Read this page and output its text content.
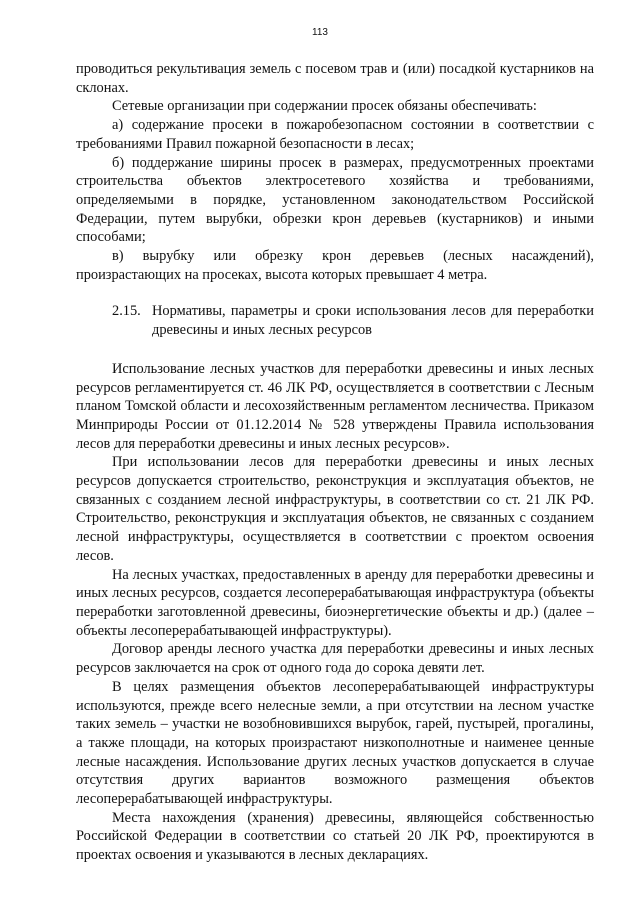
113

проводиться рекультивация земель с посевом трав и (или) посадкой кустарников на склонах.

Сетевые организации при содержании просек обязаны обеспечивать:

а) содержание просеки в пожаробезопасном состоянии в соответствии с требованиями Правил пожарной безопасности в лесах;

б) поддержание ширины просек в размерах, предусмотренных проектами строительства объектов электросетевого хозяйства и требованиями, определяемыми в порядке, установленном законодательством Российской Федерации, путем вырубки, обрезки крон деревьев (кустарников) и иными способами;

в) вырубку или обрезку крон деревьев (лесных насаждений), произрастающих на просеках, высота которых превышает 4 метра.

2.15. Нормативы, параметры и сроки использования лесов для переработки древесины и иных лесных ресурсов

Использование лесных участков для переработки древесины и иных лесных ресурсов регламентируется ст. 46 ЛК РФ, осуществляется в соответствии с Лесным планом Томской области и лесохозяйственным регламентом лесничества. Приказом Минприроды России от 01.12.2014 № 528 утверждены Правила использования лесов для переработки древесины и иных лесных ресурсов».

При использовании лесов для переработки древесины и иных лесных ресурсов допускается строительство, реконструкция и эксплуатация объектов, не связанных с созданием лесной инфраструктуры, в соответствии со ст. 21 ЛК РФ. Строительство, реконструкция и эксплуатация объектов, не связанных с созданием лесной инфраструктуры, осуществляется в соответствии с проектом освоения лесов.

На лесных участках, предоставленных в аренду для переработки древесины и иных лесных ресурсов, создается лесоперерабатывающая инфраструктура (объекты переработки заготовленной древесины, биоэнергетические объекты и др.) (далее – объекты лесоперерабатывающей инфраструктуры).

Договор аренды лесного участка для переработки древесины и иных лесных ресурсов заключается на срок от одного года до сорока девяти лет.

В целях размещения объектов лесоперерабатывающей инфраструктуры используются, прежде всего нелесные земли, а при отсутствии на лесном участке таких земель – участки не возобновившихся вырубок, гарей, пустырей, прогалины, а также площади, на которых произрастают низкополнотные и наименее ценные лесные насаждения. Использование других лесных участков допускается в случае отсутствия других вариантов возможного размещения объектов лесоперерабатывающей инфраструктуры.

Места нахождения (хранения) древесины, являющейся собственностью Российской Федерации в соответствии со статьей 20 ЛК РФ, проектируются в проектах освоения и указываются в лесных декларациях.
